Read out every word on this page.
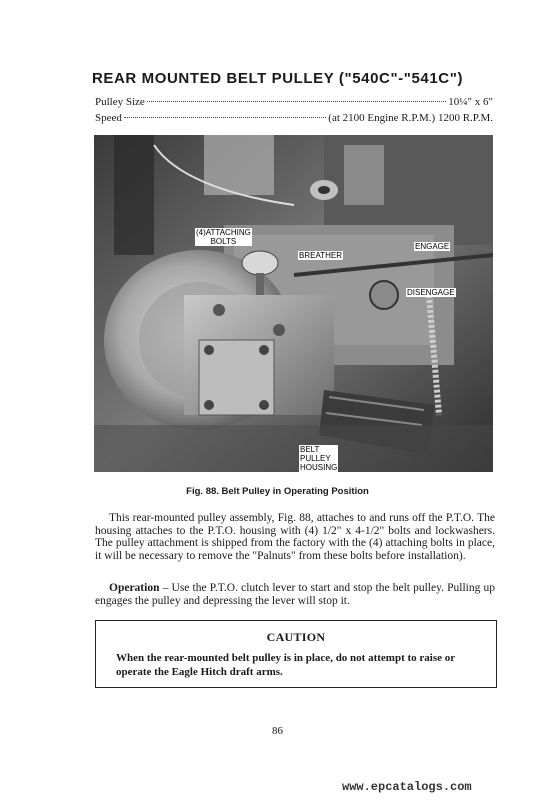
REAR MOUNTED BELT PULLEY ("540C"-"541C")
Pulley Size	10¼" x 6"
Speed	(at 2100 Engine R.P.M.) 1200 R.P.M.
(4)ATTACHING
BOLTS
BREATHER
ENGAGE
DISENGAGE
BELT
PULLEY
HOUSING
Fig. 88. Belt Pulley in Operating Position

This rear-mounted pulley assembly, Fig. 88, attaches to and runs off the P.T.O. The housing attaches to the P.T.O. housing with (4) 1/2" x 4-1/2" bolts and lockwashers. The pulley attachment is shipped from the factory with the (4) attaching bolts in place, it will be necessary to remove the "Palnuts" from these bolts before installation).

Operation – Use the P.T.O. clutch lever to start and stop the belt pulley. Pulling up engages the pulley and depressing the lever will stop it.

CAUTION

When the rear-mounted belt pulley is in place, do not attempt to raise or operate the Eagle Hitch draft arms.

86
www.epcatalogs.com
